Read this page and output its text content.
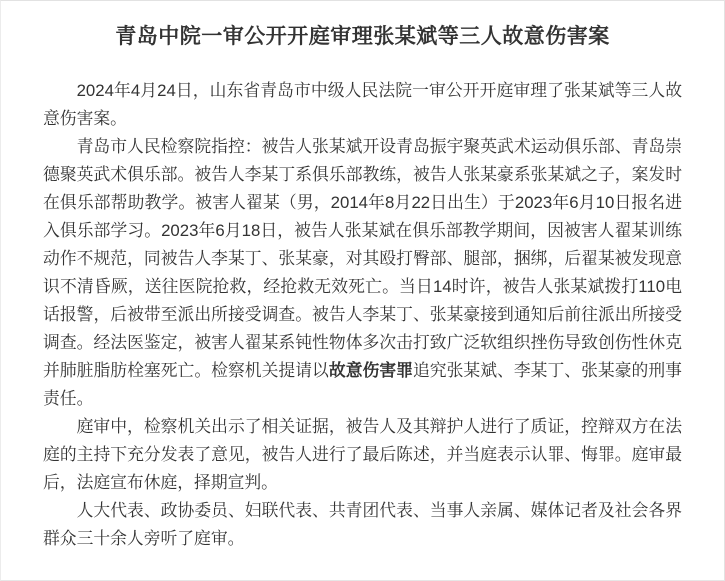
青岛中院一审公开开庭审理张某斌等三人故意伤害案

2024年4月24日，山东省青岛市中级人民法院一审公开开庭审理了张某斌等三人故意伤害案。

青岛市人民检察院指控：被告人张某斌开设青岛振宇聚英武术运动俱乐部、青岛崇德聚英武术俱乐部。被告人李某丁系俱乐部教练，被告人张某豪系张某斌之子，案发时在俱乐部帮助教学。被害人翟某（男，2014年8月22日出生）于2023年6月10日报名进入俱乐部学习。2023年6月18日，被告人张某斌在俱乐部教学期间，因被害人翟某训练动作不规范，同被告人李某丁、张某豪，对其殴打臀部、腿部，捆绑，后翟某被发现意识不清昏厥，送往医院抢救，经抢救无效死亡。当日14时许，被告人张某斌拨打110电话报警，后被带至派出所接受调查。被告人李某丁、张某豪接到通知后前往派出所接受调查。经法医鉴定，被害人翟某系钝性物体多次击打致广泛软组织挫伤导致创伤性休克并肺脏脂肪栓塞死亡。检察机关提请以故意伤害罪追究张某斌、李某丁、张某豪的刑事责任。

庭审中，检察机关出示了相关证据，被告人及其辩护人进行了质证，控辩双方在法庭的主持下充分发表了意见，被告人进行了最后陈述，并当庭表示认罪、悔罪。庭审最后，法庭宣布休庭，择期宣判。

人大代表、政协委员、妇联代表、共青团代表、当事人亲属、媒体记者及社会各界群众三十余人旁听了庭审。
